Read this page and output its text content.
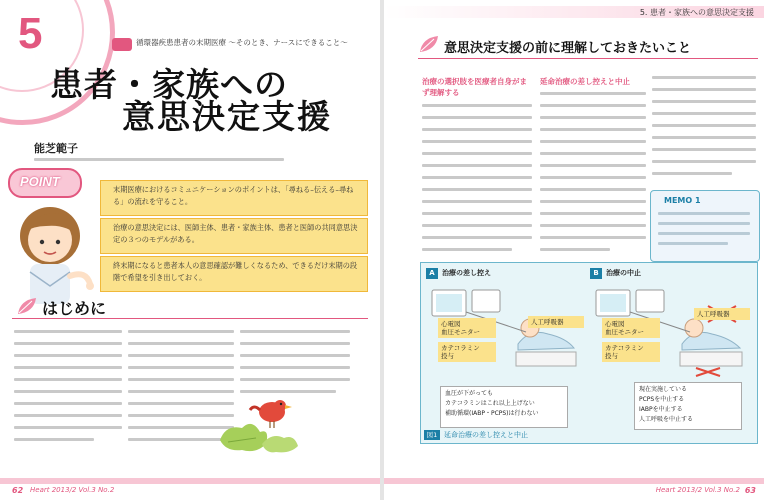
5	循環器疾患患者の末期医療 〜そのとき、ナースにできること〜
患者・家族への
意思決定支援
能芝範子
POINT
末期医療におけるコミュニケーションのポイントは、「尋ねる–伝える–尋ねる」の流れを守ること。
治療の意思決定には、医師主体、患者・家族主体、患者と医師の共同意思決定の３つのモデルがある。
終末期になると患者本人の意思確認が難しくなるため、できるだけ末期の段階で希望を引き出しておく。
はじめに
62 Heart 2013/2 Vol.3 No.2
5. 患者・家族への意思決定支援
意思決定支援の前に理解しておきたいこと
治療の選択肢を医療者自身がまず理解する
延命治療の差し控えと中止
MEMO 1
A	治療の差し控え
心電図
血圧モニター
カテコラミン
投与
人工呼吸器
B	治療の中止
心電図
血圧モニター
カテコラミン
投与
人工呼吸器
血圧が下がっても
カテコラミンはこれ以上上げない
補助循環(IABP・PCPS)は行わない
現在実施している
PCPSを中止する
IABPを中止する
人工呼吸を中止する
図1 延命治療の差し控えと中止
Heart 2013/2 Vol.3 No.2 63
